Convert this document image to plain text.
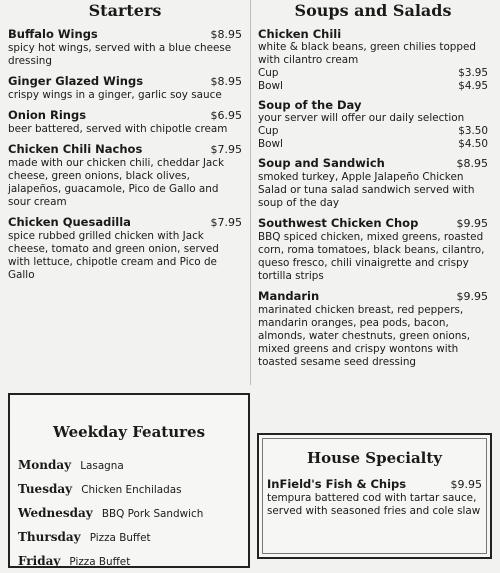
Starters
Buffalo Wings	$8.95
spicy hot wings, served with a blue cheese dressing
Ginger Glazed Wings	$8.95
crispy wings in a ginger, garlic soy sauce
Onion Rings	$6.95
beer battered, served with chipotle cream
Chicken Chili Nachos	$7.95
made with our chicken chili, cheddar Jack cheese, green onions, black olives, jalapeños, guacamole, Pico de Gallo and sour cream
Chicken Quesadilla	$7.95
spice rubbed grilled chicken with Jack cheese, tomato and green onion, served with lettuce, chipotle cream and Pico de Gallo
Soups and Salads
Chicken Chili
white & black beans, green chilies topped with cilantro cream
Cup	$3.95
Bowl	$4.95
Soup of the Day
your server will offer our daily selection
Cup	$3.50
Bowl	$4.50
Soup and Sandwich	$8.95
smoked turkey, Apple Jalapeño Chicken Salad or tuna salad sandwich served with soup of the day
Southwest Chicken Chop	$9.95
BBQ spiced chicken, mixed greens, roasted corn, roma tomatoes, black beans, cilantro, queso fresco, chili vinaigrette and crispy tortilla strips
Mandarin	$9.95
marinated chicken breast, red peppers, mandarin oranges, pea pods, bacon, almonds, water chestnuts, green onions, mixed greens and crispy wontons with toasted sesame seed dressing
Weekday Features
Monday Lasagna
Tuesday Chicken Enchiladas
Wednesday BBQ Pork Sandwich
Thursday Pizza Buffet
Friday Pizza Buffet
House Specialty
InField's Fish & Chips	$9.95
tempura battered cod with tartar sauce, served with seasoned fries and cole slaw
